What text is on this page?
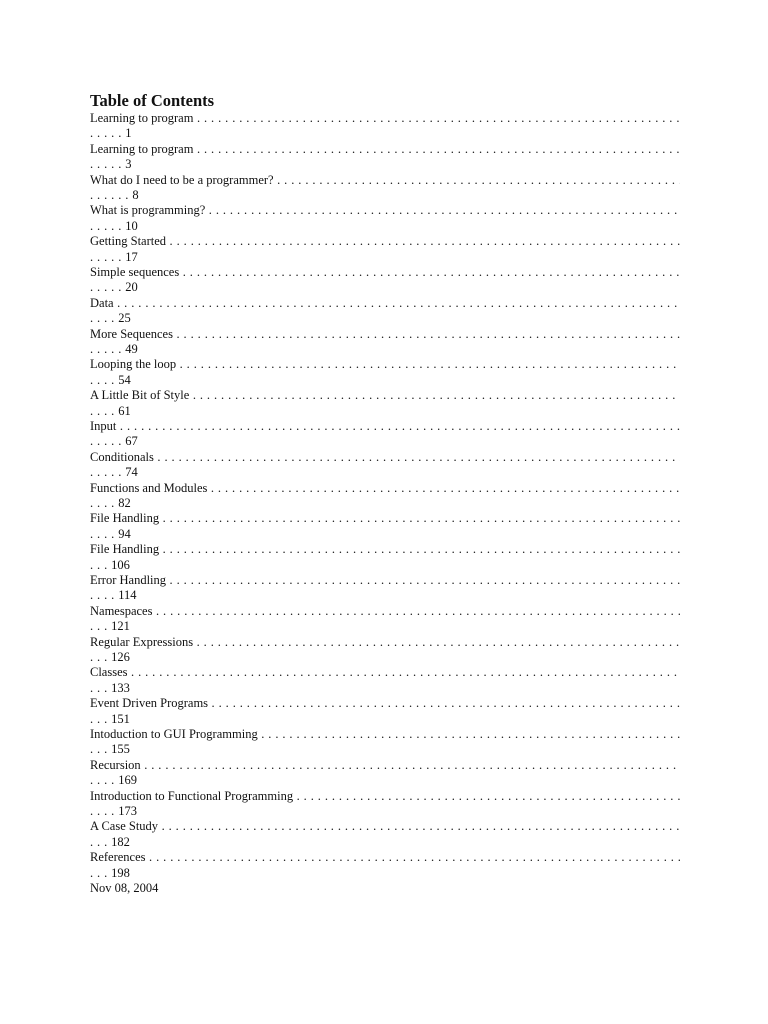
Table of Contents
Learning to program . . .
. . . . . 1
Learning to program . . .
. . . . . 3
What do I need to be a programmer? . . .
. . . . . . 8
What is programming? . . .
. . . . . 10
Getting Started . . .
. . . . . 17
Simple sequences . . .
. . . . . 20
Data . . .
. . . . 25
More Sequences . . .
. . . . . 49
Looping the loop . . .
. . . . 54
A Little Bit of Style . . .
. . . . 61
Input . . .
. . . . . 67
Conditionals . . .
. . . . . 74
Functions and Modules . . .
. . . . 82
File Handling . . .
. . . . 94
File Handling . . .
. . . 106
Error Handling . . .
. . . . 114
Namespaces . . .
. . . 121
Regular Expressions . . .
. . . 126
Classes . . .
. . . 133
Event Driven Programs . . .
. . . 151
Intoduction to GUI Programming . . .
. . . 155
Recursion . . .
. . . . 169
Introduction to Functional Programming . . .
. . . . 173
A Case Study . . .
. . . 182
References . . .
. . . 198
Nov 08, 2004
